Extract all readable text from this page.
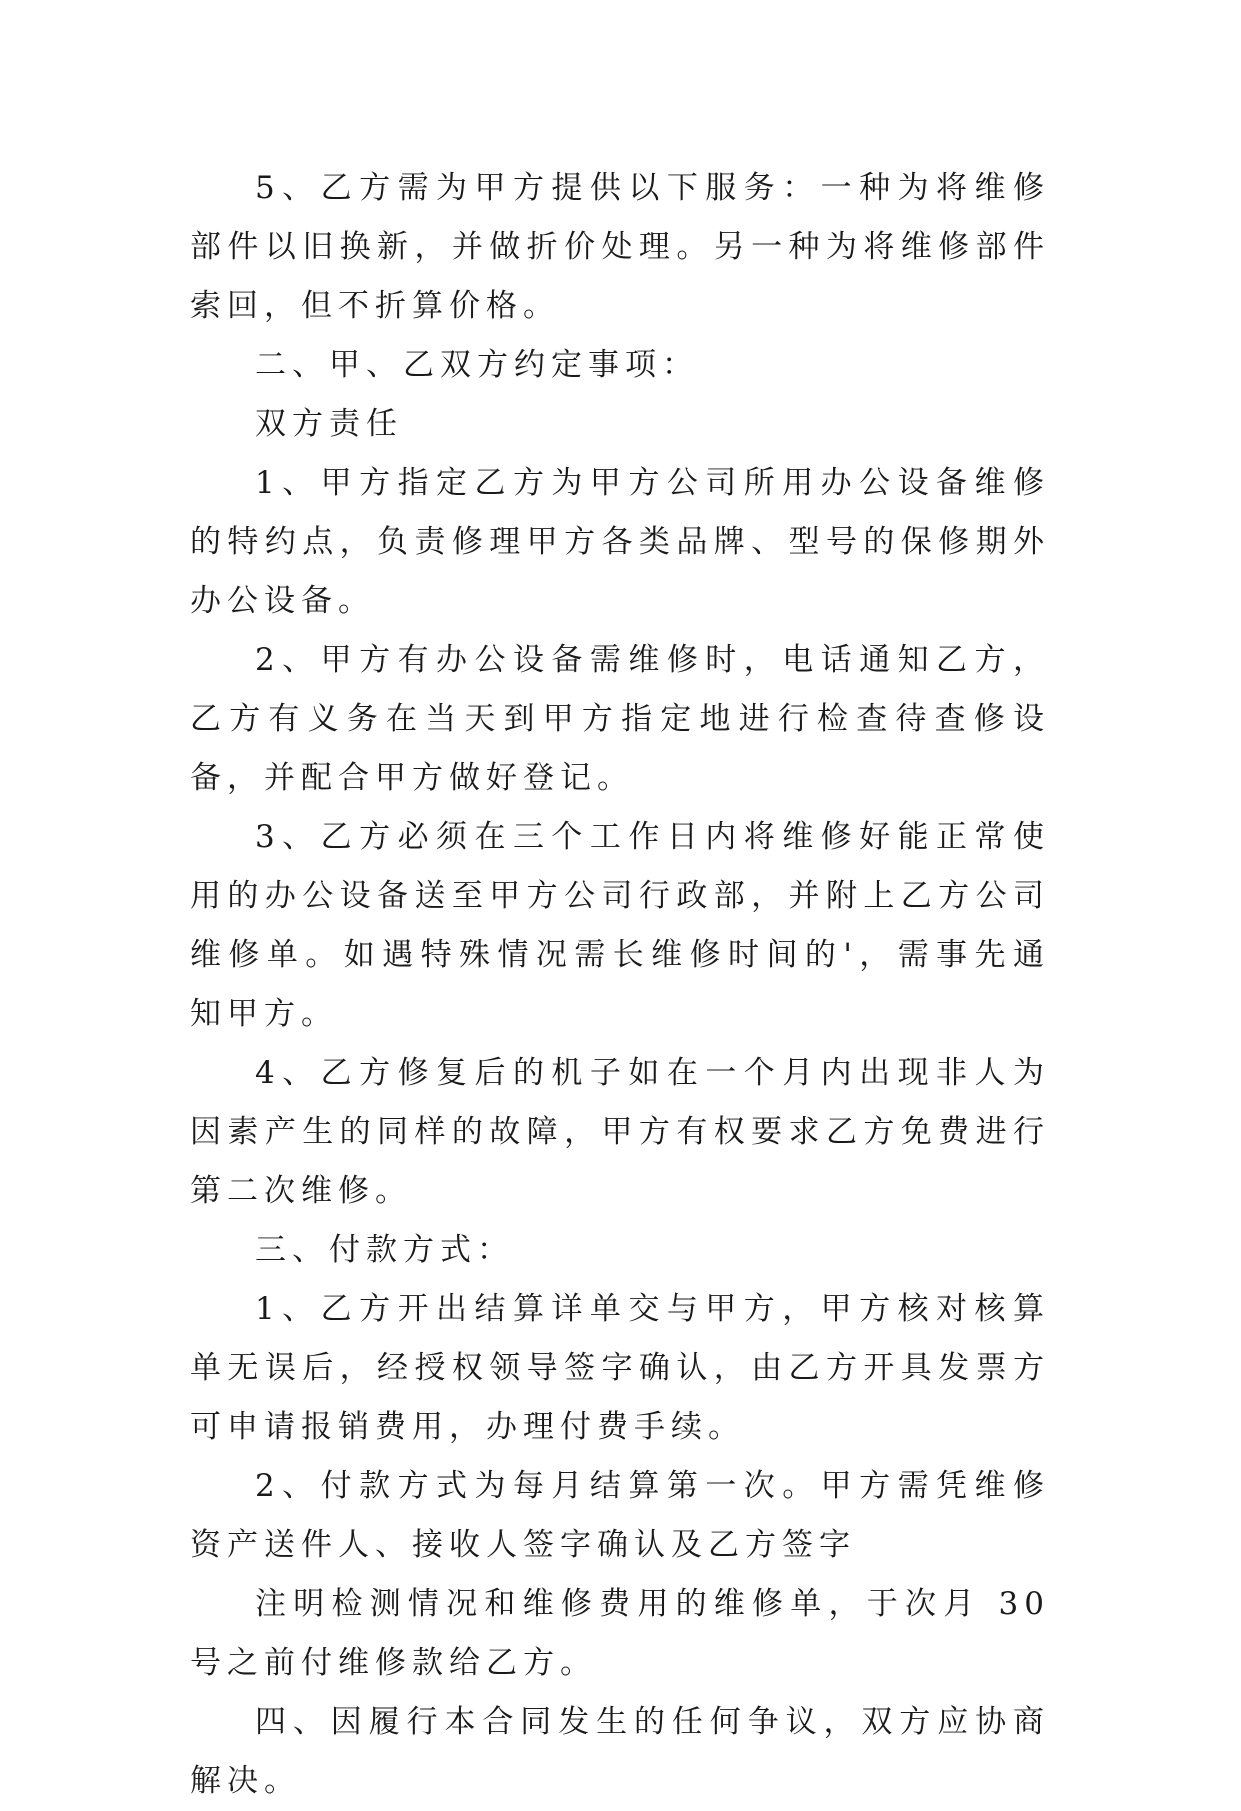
5、乙方需为甲方提供以下服务：一种为将维修部件以旧换新，并做折价处理。另一种为将维修部件索回，但不折算价格。

二、甲、乙双方约定事项：

双方责任

1、甲方指定乙方为甲方公司所用办公设备维修的特约点，负责修理甲方各类品牌、型号的保修期外办公设备。

2、甲方有办公设备需维修时，电话通知乙方，乙方有义务在当天到甲方指定地进行检查待查修设备，并配合甲方做好登记。

3、乙方必须在三个工作日内将维修好能正常使用的办公设备送至甲方公司行政部，并附上乙方公司维修单。如遇特殊情况需长维修时间的'，需事先通知甲方。

4、乙方修复后的机子如在一个月内出现非人为因素产生的同样的故障，甲方有权要求乙方免费进行第二次维修。

三、付款方式：

1、乙方开出结算详单交与甲方，甲方核对核算单无误后，经授权领导签字确认，由乙方开具发票方可申请报销费用，办理付费手续。

2、付款方式为每月结算第一次。甲方需凭维修资产送件人、接收人签字确认及乙方签字

注明检测情况和维修费用的维修单，于次月 30 号之前付维修款给乙方。

四、因履行本合同发生的任何争议，双方应协商解决。
